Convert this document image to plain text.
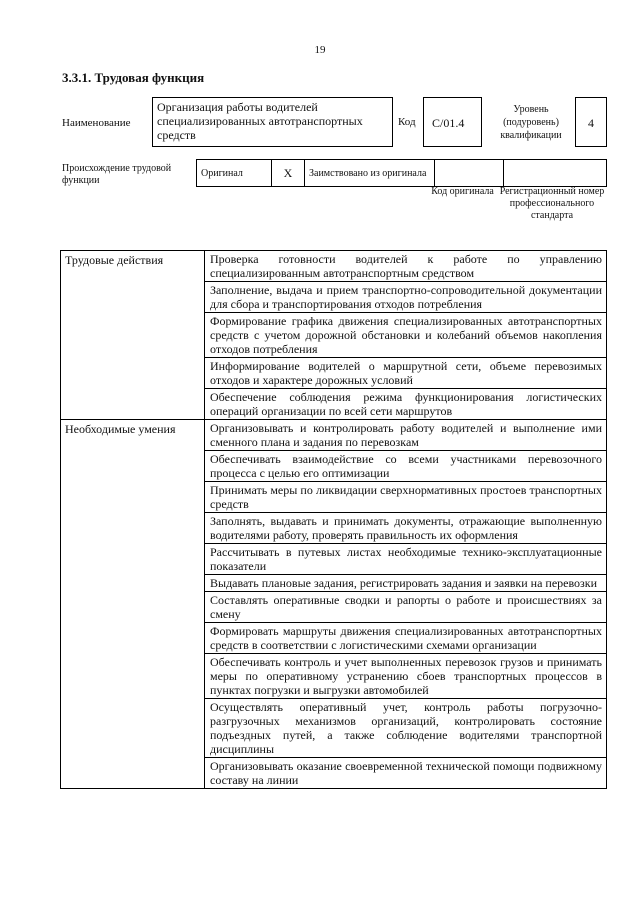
19
3.3.1. Трудовая функция
Наименование
Организация работы водителей специализированных автотранспортных средств
Код	C/01.4
Уровень (подуровень) квалификации
4
Происхождение трудовой функции
Оригинал	X	Заимствовано из оригинала		
Код оригинала Регистрационный номер профессионального стандарта
Трудовые действия	Проверка готовности водителей к работе по управлению специализированным автотранспортным средством
	Заполнение, выдача и прием транспортно-сопроводительной документации для сбора и транспортирования отходов потребления
	Формирование графика движения специализированных автотранспортных средств с учетом дорожной обстановки и колебаний объемов накопления отходов потребления
	Информирование водителей о маршрутной сети, объеме перевозимых отходов и характере дорожных условий
	Обеспечение соблюдения режима функционирования логистических операций организации по всей сети маршрутов
Необходимые умения	Организовывать и контролировать работу водителей и выполнение ими сменного плана и задания по перевозкам
	Обеспечивать взаимодействие со всеми участниками перевозочного процесса с целью его оптимизации
	Принимать меры по ликвидации сверхнормативных простоев транспортных средств
	Заполнять, выдавать и принимать документы, отражающие выполненную водителями работу, проверять правильность их оформления
	Рассчитывать в путевых листах необходимые технико-эксплуатационные показатели
	Выдавать плановые задания, регистрировать задания и заявки на перевозки
	Составлять оперативные сводки и рапорты о работе и происшествиях за смену
	Формировать маршруты движения специализированных автотранспортных средств в соответствии с логистическими схемами организации
	Обеспечивать контроль и учет выполненных перевозок грузов и принимать меры по оперативному устранению сбоев транспортных процессов в пунктах погрузки и выгрузки автомобилей
	Осуществлять оперативный учет, контроль работы погрузочно-разгрузочных механизмов организаций, контролировать состояние подъездных путей, а также соблюдение водителями транспортной дисциплины
	Организовывать оказание своевременной технической помощи подвижному составу на линии
